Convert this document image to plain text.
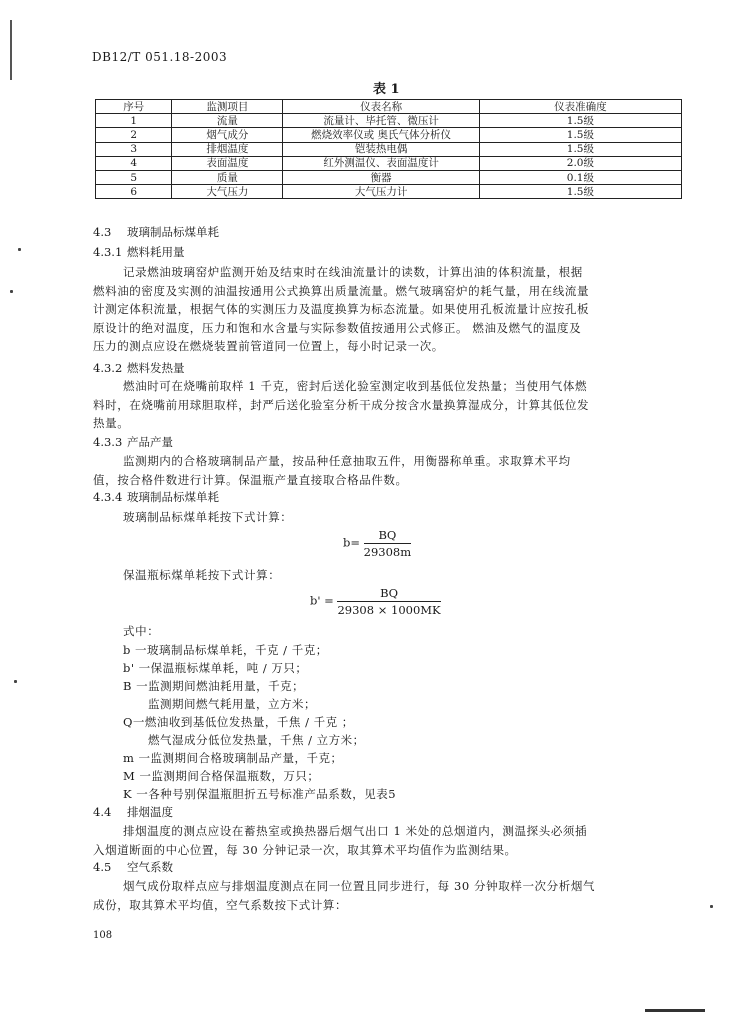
DB12/T 051.18-2003
表 1
序号	监测项目	仪表名称	仪表准确度
1	流量	流量计、毕托管、微压计	1.5级
2	烟气成分	燃烧效率仪或 奥氏气体分析仪	1.5级
3	排烟温度	铠装热电偶	1.5级
4	表面温度	红外测温仪、表面温度计	2.0级
5	质量	衡器	0.1级
6	大气压力	大气压力计	1.5级
4.3 玻璃制品标煤单耗
4.3.1 燃料耗用量
记录燃油玻璃窑炉监测开始及结束时在线油流量计的读数，计算出油的体积流量，根据
燃料油的密度及实测的油温按通用公式换算出质量流量。燃气玻璃窑炉的耗气量，用在线流量
计测定体积流量，根据气体的实测压力及温度换算为标态流量。如果使用孔板流量计应按孔板
原设计的绝对温度，压力和饱和水含量与实际参数值按通用公式修正。 燃油及燃气的温度及
压力的测点应设在燃烧装置前管道同一位置上，每小时记录一次。
4.3.2 燃料发热量
燃油时可在烧嘴前取样 1 千克，密封后送化验室测定收到基低位发热量；当使用气体燃
料时，在烧嘴前用球胆取样，封严后送化验室分析干成分按含水量换算湿成分，计算其低位发
热量。
4.3.3 产品产量
监测期内的合格玻璃制品产量，按品种任意抽取五件，用衡器称单重。求取算术平均
值，按合格件数进行计算。保温瓶产量直接取合格品件数。
4.3.4 玻璃制品标煤单耗
玻璃制品标煤单耗按下式计算：
$b= \frac{BQ}{29308m}$
保温瓶标煤单耗按下式计算：
$b' = \frac{BQ}{29308 \times 1000MK}$
式中：
b 一玻璃制品标煤单耗，千克 / 千克；
b' 一保温瓶标煤单耗，吨 / 万只；
B 一监测期间燃油耗用量，千克；
监测期间燃气耗用量，立方米；
Q一燃油收到基低位发热量，千焦 / 千克 ；
燃气湿成分低位发热量，千焦 / 立方米；
m 一监测期间合格玻璃制品产量，千克；
M 一监测期间合格保温瓶数，万只；
K 一各种号别保温瓶胆折五号标准产品系数，见表5
4.4 排烟温度
排烟温度的测点应设在蓄热室或换热器后烟气出口 1 米处的总烟道内，测温探头必须插
入烟道断面的中心位置，每 30 分钟记录一次，取其算术平均值作为监测结果。
4.5 空气系数
烟气成份取样点应与排烟温度测点在同一位置且同步进行，每 30 分钟取样一次分析烟气
成份，取其算术平均值，空气系数按下式计算：
108
